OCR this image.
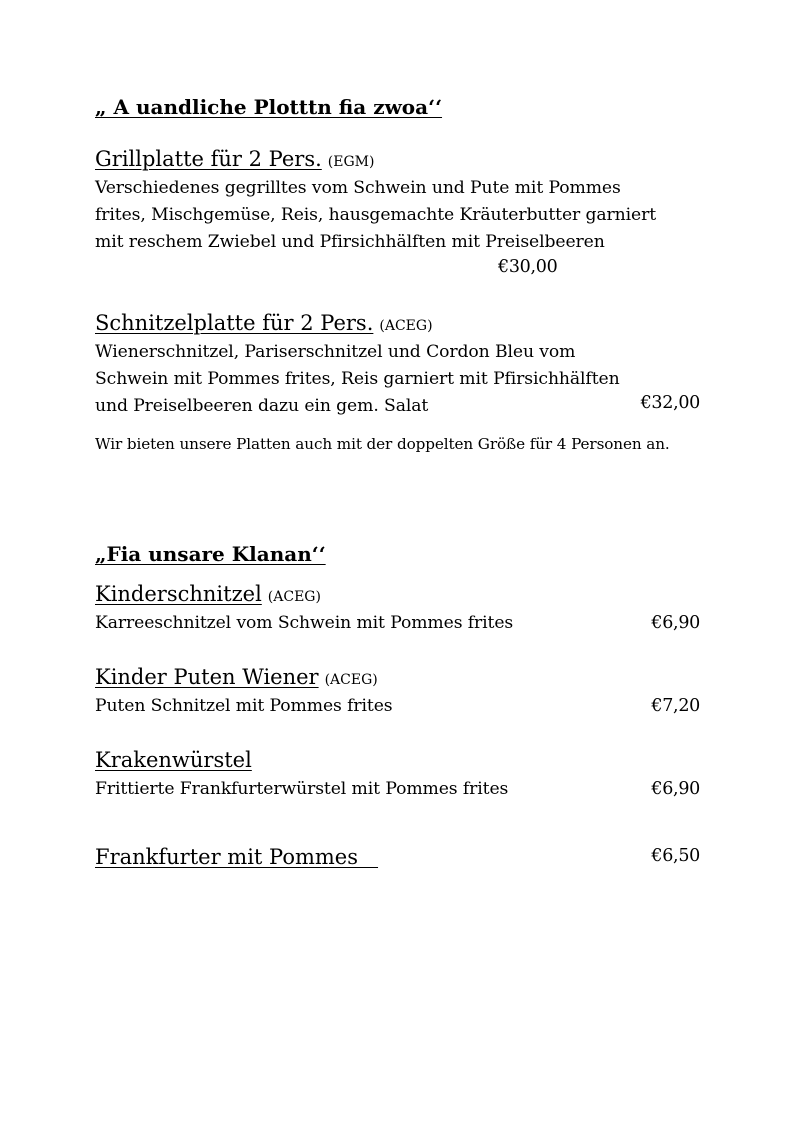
„ A uandliche Plotttn fia zwoa‘‘
Grillplatte für 2 Pers. (EGM)
Verschiedenes gegrilltes vom Schwein und Pute mit Pommes
frites, Mischgemüse, Reis, hausgemachte Kräuterbutter garniert
mit reschem Zwiebel und Pfirsichhälften mit Preiselbeeren
€30,00
Schnitzelplatte für 2 Pers. (ACEG)
Wienerschnitzel, Pariserschnitzel und Cordon Bleu vom
Schwein mit Pommes frites, Reis garniert mit Pfirsichhälften
und Preiselbeeren dazu ein gem. Salat	€32,00
Wir bieten unsere Platten auch mit der doppelten Größe für 4 Personen an.
„Fia unsare Klanan‘‘
Kinderschnitzel (ACEG)
Karreeschnitzel vom Schwein mit Pommes frites	€6,90
Kinder Puten Wiener (ACEG)
Puten Schnitzel mit Pommes frites	€7,20
Krakenwürstel
Frittierte Frankfurterwürstel mit Pommes frites	€6,90
Frankfurter mit Pommes	€6,50
